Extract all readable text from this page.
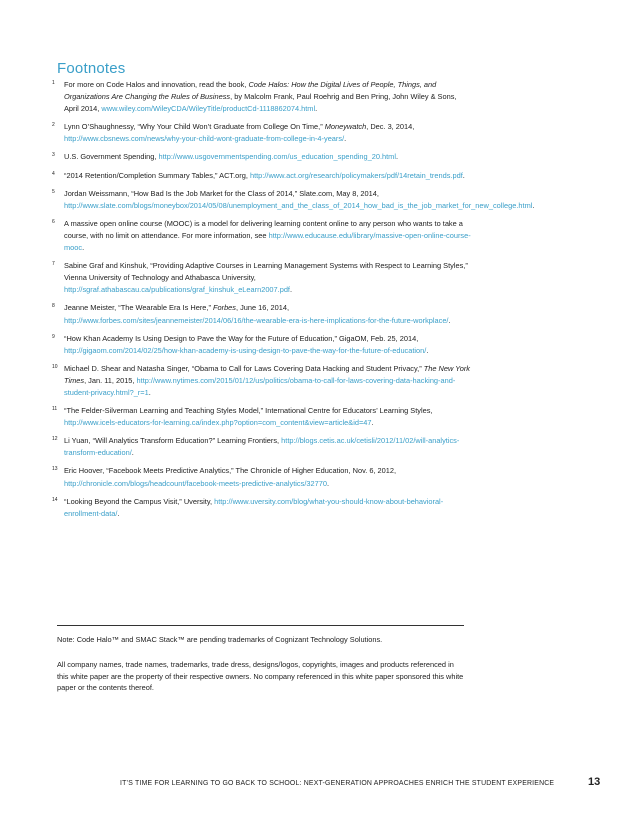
Footnotes
1 For more on Code Halos and innovation, read the book, Code Halos: How the Digital Lives of People, Things, and Organizations Are Changing the Rules of Business, by Malcolm Frank, Paul Roehrig and Ben Pring, John Wiley & Sons, April 2014, www.wiley.com/WileyCDA/WileyTitle/productCd-1118862074.html.
2 Lynn O’Shaughnessy, “Why Your Child Won’t Graduate from College On Time,” Moneywatch, Dec. 3, 2014, http://www.cbsnews.com/news/why-your-child-wont-graduate-from-college-in-4-years/.
3 U.S. Government Spending, http://www.usgovernmentspending.com/us_education_spending_20.html.
4 “2014 Retention/Completion Summary Tables,” ACT.org, http://www.act.org/research/policymakers/pdf/14retain_trends.pdf.
5 Jordan Weissmann, “How Bad Is the Job Market for the Class of 2014,” Slate.com, May 8, 2014, http://www.slate.com/blogs/moneybox/2014/05/08/unemployment_and_the_class_of_2014_how_bad_is_the_job_market_for_new_college.html.
6 A massive open online course (MOOC) is a model for delivering learning content online to any person who wants to take a course, with no limit on attendance. For more information, see http://www.educause.edu/library/massive-open-online-course-mooc.
7 Sabine Graf and Kinshuk, “Providing Adaptive Courses in Learning Management Systems with Respect to Learning Styles,” Vienna University of Technology and Athabasca University, http://sgraf.athabascau.ca/publications/graf_kinshuk_eLearn2007.pdf.
8 Jeanne Meister, “The Wearable Era Is Here,” Forbes, June 16, 2014, http://www.forbes.com/sites/jeannemeister/2014/06/16/the-wearable-era-is-here-implications-for-the-future-workplace/.
9 “How Khan Academy Is Using Design to Pave the Way for the Future of Education,” GigaOM, Feb. 25, 2014, http://gigaom.com/2014/02/25/how-khan-academy-is-using-design-to-pave-the-way-for-the-future-of-education/.
10 Michael D. Shear and Natasha Singer, “Obama to Call for Laws Covering Data Hacking and Student Privacy,” The New York Times, Jan. 11, 2015, http://www.nytimes.com/2015/01/12/us/politics/obama-to-call-for-laws-covering-data-hacking-and-student-privacy.html?_r=1.
11 “The Felder-Silverman Learning and Teaching Styles Model,” International Centre for Educators’ Learning Styles, http://www.icels-educators-for-learning.ca/index.php?option=com_content&view=article&id=47.
12 Li Yuan, “Will Analytics Transform Education?” Learning Frontiers, http://blogs.cetis.ac.uk/cetisli/2012/11/02/will-analytics-transform-education/.
13 Eric Hoover, “Facebook Meets Predictive Analytics,” The Chronicle of Higher Education, Nov. 6, 2012, http://chronicle.com/blogs/headcount/facebook-meets-predictive-analytics/32770.
14 “Looking Beyond the Campus Visit,” Uversity, http://www.uversity.com/blog/what-you-should-know-about-behavioral-enrollment-data/.
Note: Code Halo™ and SMAC Stack™ are pending trademarks of Cognizant Technology Solutions.
All company names, trade names, trademarks, trade dress, designs/logos, copyrights, images and products referenced in this white paper are the property of their respective owners. No company referenced in this white paper sponsored this white paper or the contents thereof.
IT’S TIME FOR LEARNING TO GO BACK TO SCHOOL: NEXT-GENERATION APPROACHES ENRICH THE STUDENT EXPERIENCE	13
